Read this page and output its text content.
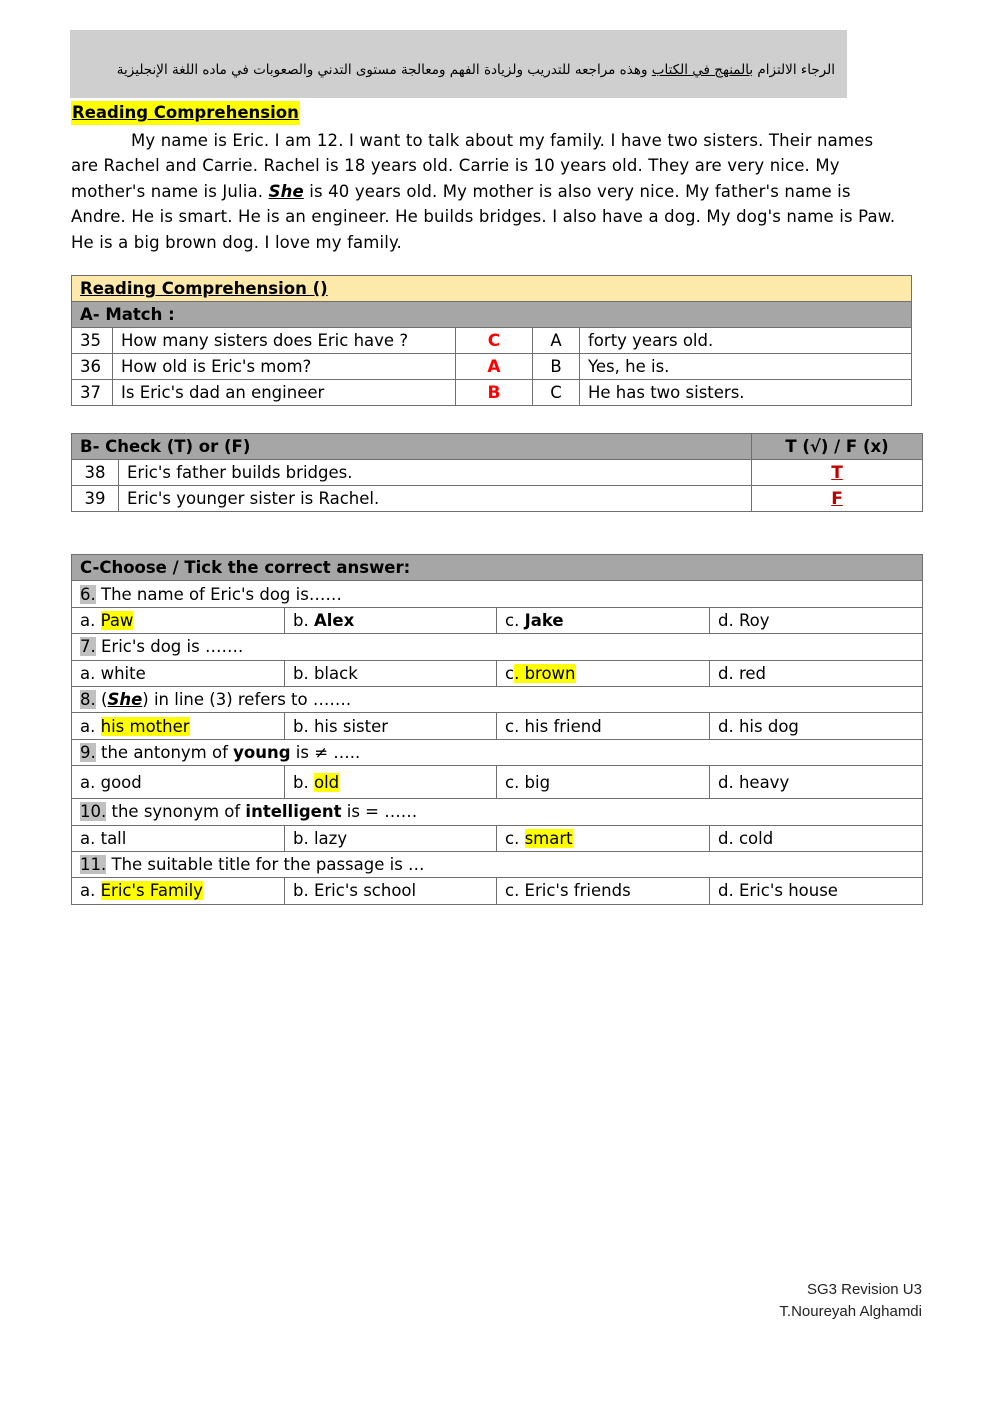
الرجاء الالتزام بالمنهج في الكتاب وهذه مراجعه للتدريب ولزيادة الفهم ومعالجة مستوى التدني والصعوبات في ماده اللغة الإنجليزية
Reading Comprehension
My name is Eric. I am 12. I want to talk about my family. I have two sisters. Their names
are Rachel and Carrie. Rachel is 18 years old. Carrie is 10 years old. They are very nice. My
mother's name is Julia. She is 40 years old. My mother is also very nice. My father's name is
Andre. He is smart. He is an engineer. He builds bridges. I also have a dog. My dog's name is Paw.
He is a big brown dog. I love my family.
Reading Comprehension ()				
A- Match :				
35	How many sisters does Eric have ?	C	A	forty years old.
36	How old is Eric's mom?	A	B	Yes, he is.
37	Is Eric's dad an engineer	B	C	He has two sisters.
B- Check (T) or (F)		T (√) / F (x)
38	Eric's father builds bridges.	T
39	Eric's younger sister is Rachel.	F
C-Choose / Tick the correct answer:			
6. The name of Eric's dog is……			
a. Paw	b. Alex	c. Jake	d. Roy
7. Eric's dog is …….			
a. white	b. black	c. brown	d. red
8. (She) in line (3) refers to …….			
a. his mother	b. his sister	c. his friend	d. his dog
9. the antonym of young is ≠ …..			
a. good	b. old	c. big	d. heavy
10. the synonym of intelligent is = ……			
a. tall	b. lazy	c. smart	d. cold
11. The suitable title for the passage is …			
a. Eric's Family	b. Eric's school	c. Eric's friends	d. Eric's house
SG3 Revision U3
T.Noureyah Alghamdi
